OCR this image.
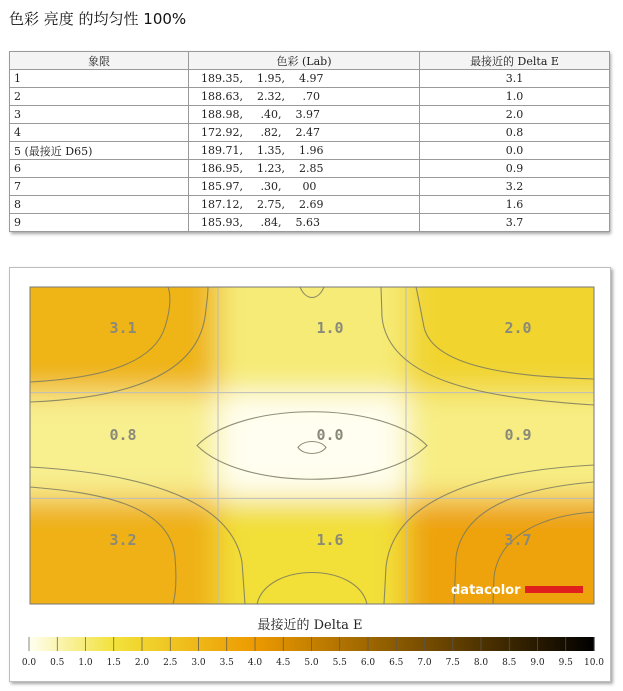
色彩 亮度 的均匀性 100%
象限	色彩 (Lab)	最接近的 Delta E
1	189.35,    1.95,    4.97	3.1
2	188.63,    2.32,     .70	1.0
3	188.98,     .40,    3.97	2.0
4	172.92,     .82,    2.47	0.8
5 (最接近 D65)	189.71,    1.35,    1.96	0.0
6	186.95,    1.23,    2.85	0.9
7	185.97,     .30,      00	3.2
8	187.12,    2.75,    2.69	1.6
9	185.93,     .84,    5.63	3.7
3.1	1.0	2.0
0.8	0.0	0.9
3.2	1.6	3.7
datacolor
最接近的 Delta E
0.0 0.5 1.0 1.5 2.0 2.5 3.0 3.5 4.0 4.5 5.0 5.5 6.0 6.5 7.0 7.5 8.0 8.5 9.0 9.5 10.0
